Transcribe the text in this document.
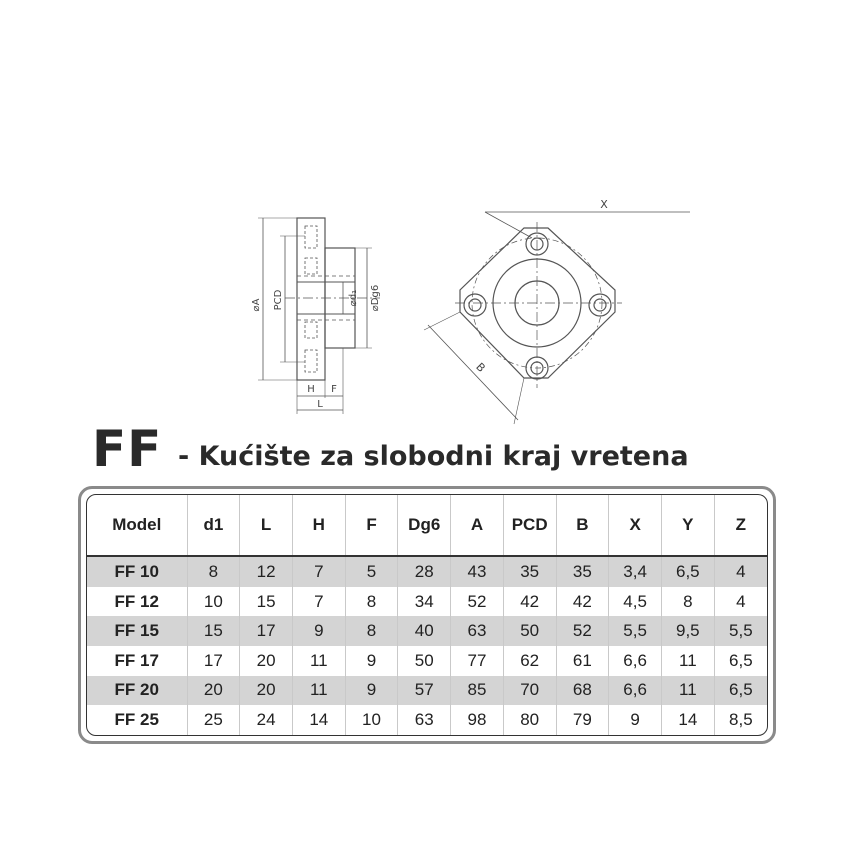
⌀A PCD	⌀d₁ ⌀Dg6
H F
L
X
B
FF - Kućište za slobodni kraj vretena
Model	d1	L	H	F	Dg6	A	PCD	B	X	Y	Z
FF 10	8	12	7	5	28	43	35	35	3,4	6,5	4
FF 12	10	15	7	8	34	52	42	42	4,5	8	4
FF 15	15	17	9	8	40	63	50	52	5,5	9,5	5,5
FF 17	17	20	11	9	50	77	62	61	6,6	11	6,5
FF 20	20	20	11	9	57	85	70	68	6,6	11	6,5
FF 25	25	24	14	10	63	98	80	79	9	14	8,5
